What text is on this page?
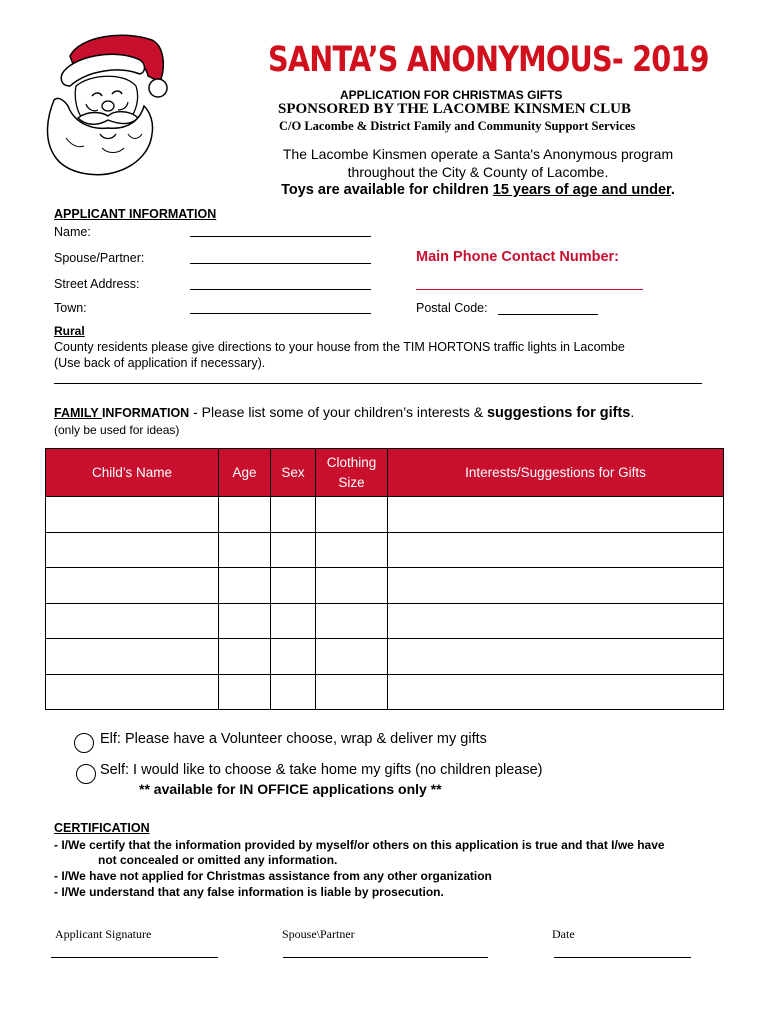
SANTA’S ANONYMOUS- 2019
APPLICATION FOR CHRISTMAS GIFTS
SPONSORED BY THE LACOMBE KINSMEN CLUB
C/O Lacombe & District Family and Community Support Services
The Lacombe Kinsmen operate a Santa's Anonymous program
throughout the City & County of Lacombe.
Toys are available for children 15 years of age and under.
APPLICANT INFORMATION
Name:
Spouse/Partner:	Main Phone Contact Number:
Street Address:
Town:	Postal Code:
Rural
County residents please give directions to your house from the TIM HORTONS traffic lights in Lacombe
(Use back of application if necessary).
FAMILY INFORMATION - Please list some of your children’s interests & suggestions for gifts.
(only be used for ideas)
Child’s Name	Age	Sex	Clothing Size	Interests/Suggestions for Gifts

Elf: Please have a Volunteer choose, wrap & deliver my gifts
Self: I would like to choose & take home my gifts (no children please)
** available for IN OFFICE applications only **
CERTIFICATION
- I/We certify that the information provided by myself/or others on this application is true and that I/we have
not concealed or omitted any information.
- I/We have not applied for Christmas assistance from any other organization
- I/We understand that any false information is liable by prosecution.
Applicant Signature	Spouse\Partner	Date
